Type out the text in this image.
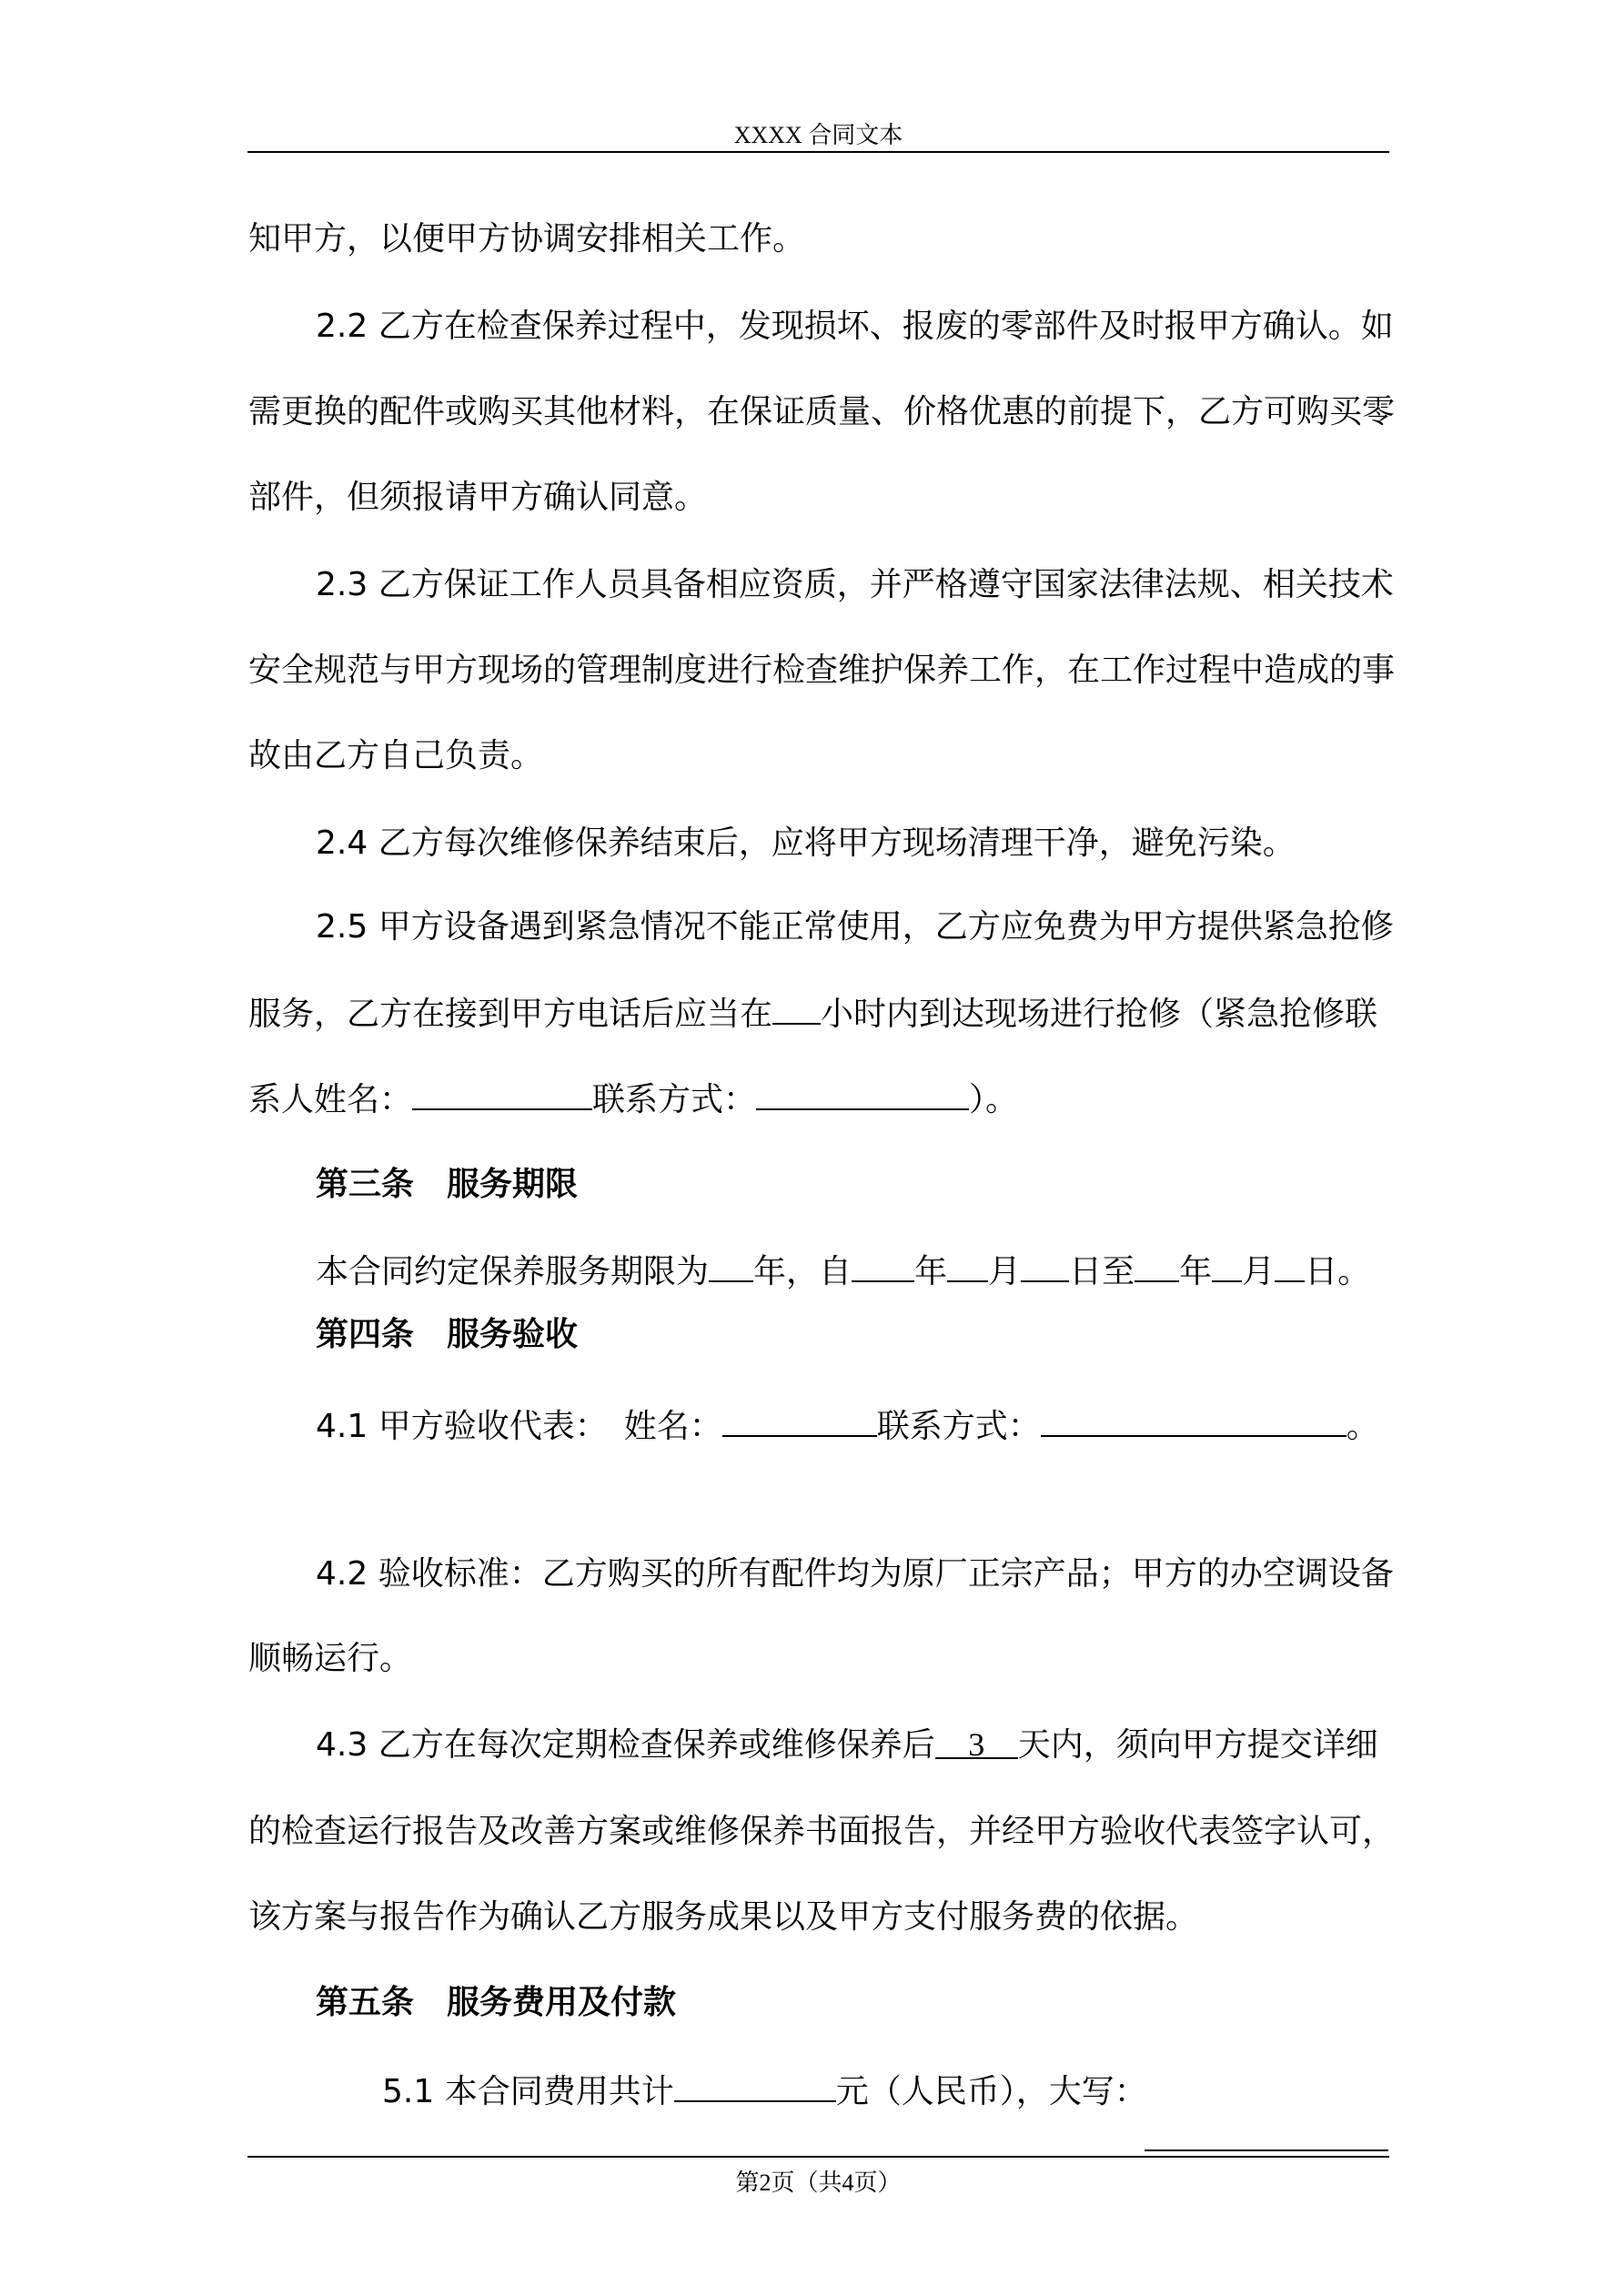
XXXX 合同文本
知甲方，以便甲方协调安排相关工作。
2.2 乙方在检查保养过程中，发现损坏、报废的零部件及时报甲方确认。如
需更换的配件或购买其他材料，在保证质量、价格优惠的前提下，乙方可购买零
部件，但须报请甲方确认同意。
2.3 乙方保证工作人员具备相应资质，并严格遵守国家法律法规、相关技术
安全规范与甲方现场的管理制度进行检查维护保养工作，在工作过程中造成的事
故由乙方自己负责。
2.4 乙方每次维修保养结束后，应将甲方现场清理干净，避免污染。
2.5 甲方设备遇到紧急情况不能正常使用，乙方应免费为甲方提供紧急抢修
服务，乙方在接到甲方电话后应当在 小时内到达现场进行抢修（紧急抢修联
系人姓名：	联系方式：	）。
第三条　服务期限
本合同约定保养服务期限为 年，自 年 月 日至 年 月 日。
第四条　服务验收
4.1 甲方验收代表：　姓名：	联系方式：	。
4.2 验收标准：乙方购买的所有配件均为原厂正宗产品；甲方的办空调设备
顺畅运行。
4.3 乙方在每次定期检查保养或维修保养后 3 天内，须向甲方提交详细
的检查运行报告及改善方案或维修保养书面报告，并经甲方验收代表签字认可，
该方案与报告作为确认乙方服务成果以及甲方支付服务费的依据。
第五条　服务费用及付款
5.1 本合同费用共计	元（人民币），大写：
第2页（共4页）
